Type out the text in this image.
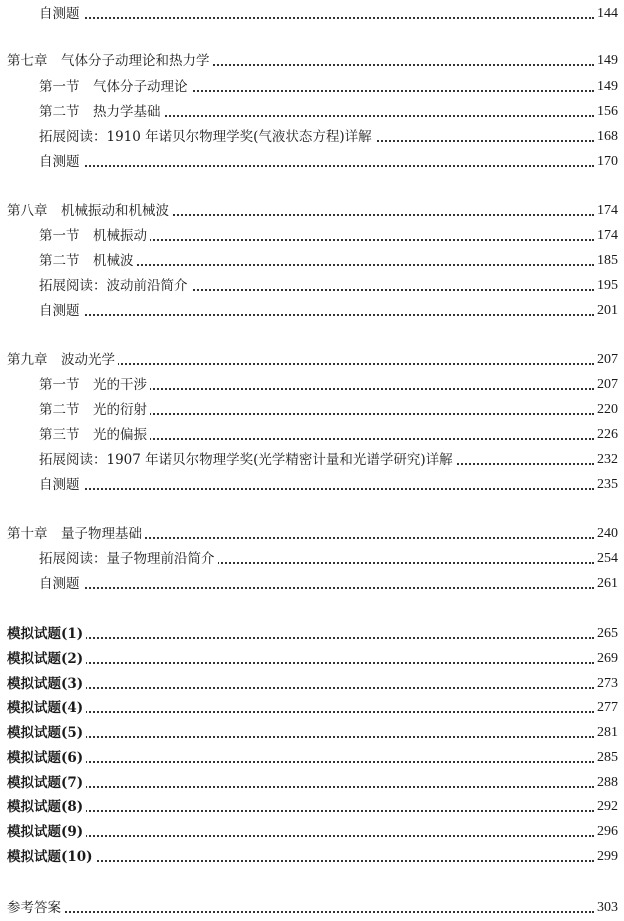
自测题	144
第七章　气体分子动理论和热力学	149
第一节　气体分子动理论	149
第二节　热力学基础	156
拓展阅读：1910 年诺贝尔物理学奖(气液状态方程)详解	168
自测题	170
第八章　机械振动和机械波	174
第一节　机械振动	174
第二节　机械波	185
拓展阅读：波动前沿简介	195
自测题	201
第九章　波动光学	207
第一节　光的干涉	207
第二节　光的衍射	220
第三节　光的偏振	226
拓展阅读：1907 年诺贝尔物理学奖(光学精密计量和光谱学研究)详解	232
自测题	235
第十章　量子物理基础	240
拓展阅读：量子物理前沿简介	254
自测题	261
模拟试题(1)	265
模拟试题(2)	269
模拟试题(3)	273
模拟试题(4)	277
模拟试题(5)	281
模拟试题(6)	285
模拟试题(7)	288
模拟试题(8)	292
模拟试题(9)	296
模拟试题(10)	299
参考答案	303
